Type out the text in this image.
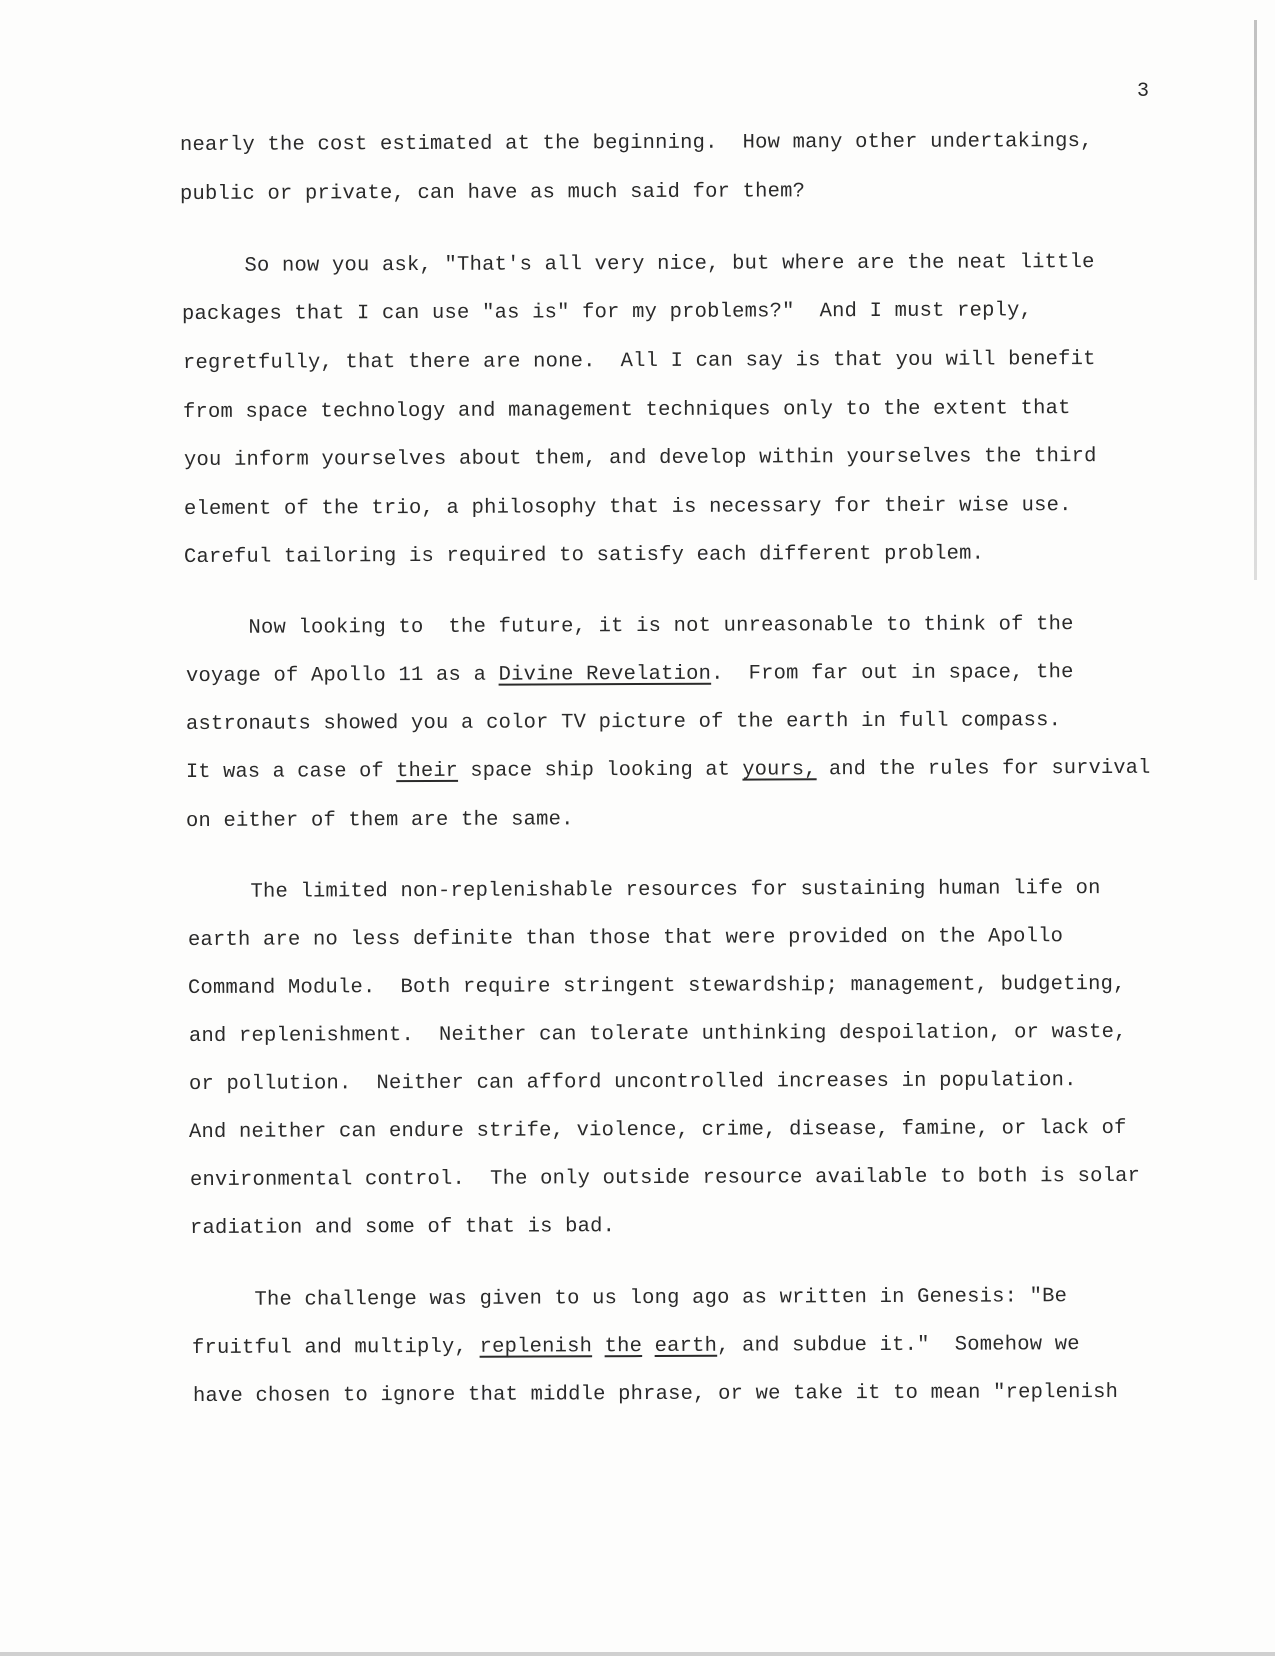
3
nearly the cost estimated at the beginning.  How many other undertakings,
public or private, can have as much said for them?
So now you ask, "That's all very nice, but where are the neat little
packages that I can use "as is" for my problems?"  And I must reply,
regretfully, that there are none.  All I can say is that you will benefit
from space technology and management techniques only to the extent that
you inform yourselves about them, and develop within yourselves the third
element of the trio, a philosophy that is necessary for their wise use.
Careful tailoring is required to satisfy each different problem.
Now looking to  the future, it is not unreasonable to think of the
voyage of Apollo 11 as a Divine Revelation.  From far out in space, the
astronauts showed you a color TV picture of the earth in full compass.
It was a case of their space ship looking at yours, and the rules for survival
on either of them are the same.
The limited non-replenishable resources for sustaining human life on
earth are no less definite than those that were provided on the Apollo
Command Module.  Both require stringent stewardship; management, budgeting,
and replenishment.  Neither can tolerate unthinking despoilation, or waste,
or pollution.  Neither can afford uncontrolled increases in population.
And neither can endure strife, violence, crime, disease, famine, or lack of
environmental control.  The only outside resource available to both is solar
radiation and some of that is bad.
The challenge was given to us long ago as written in Genesis: "Be
fruitful and multiply, replenish the earth, and subdue it."  Somehow we
have chosen to ignore that middle phrase, or we take it to mean "replenish
